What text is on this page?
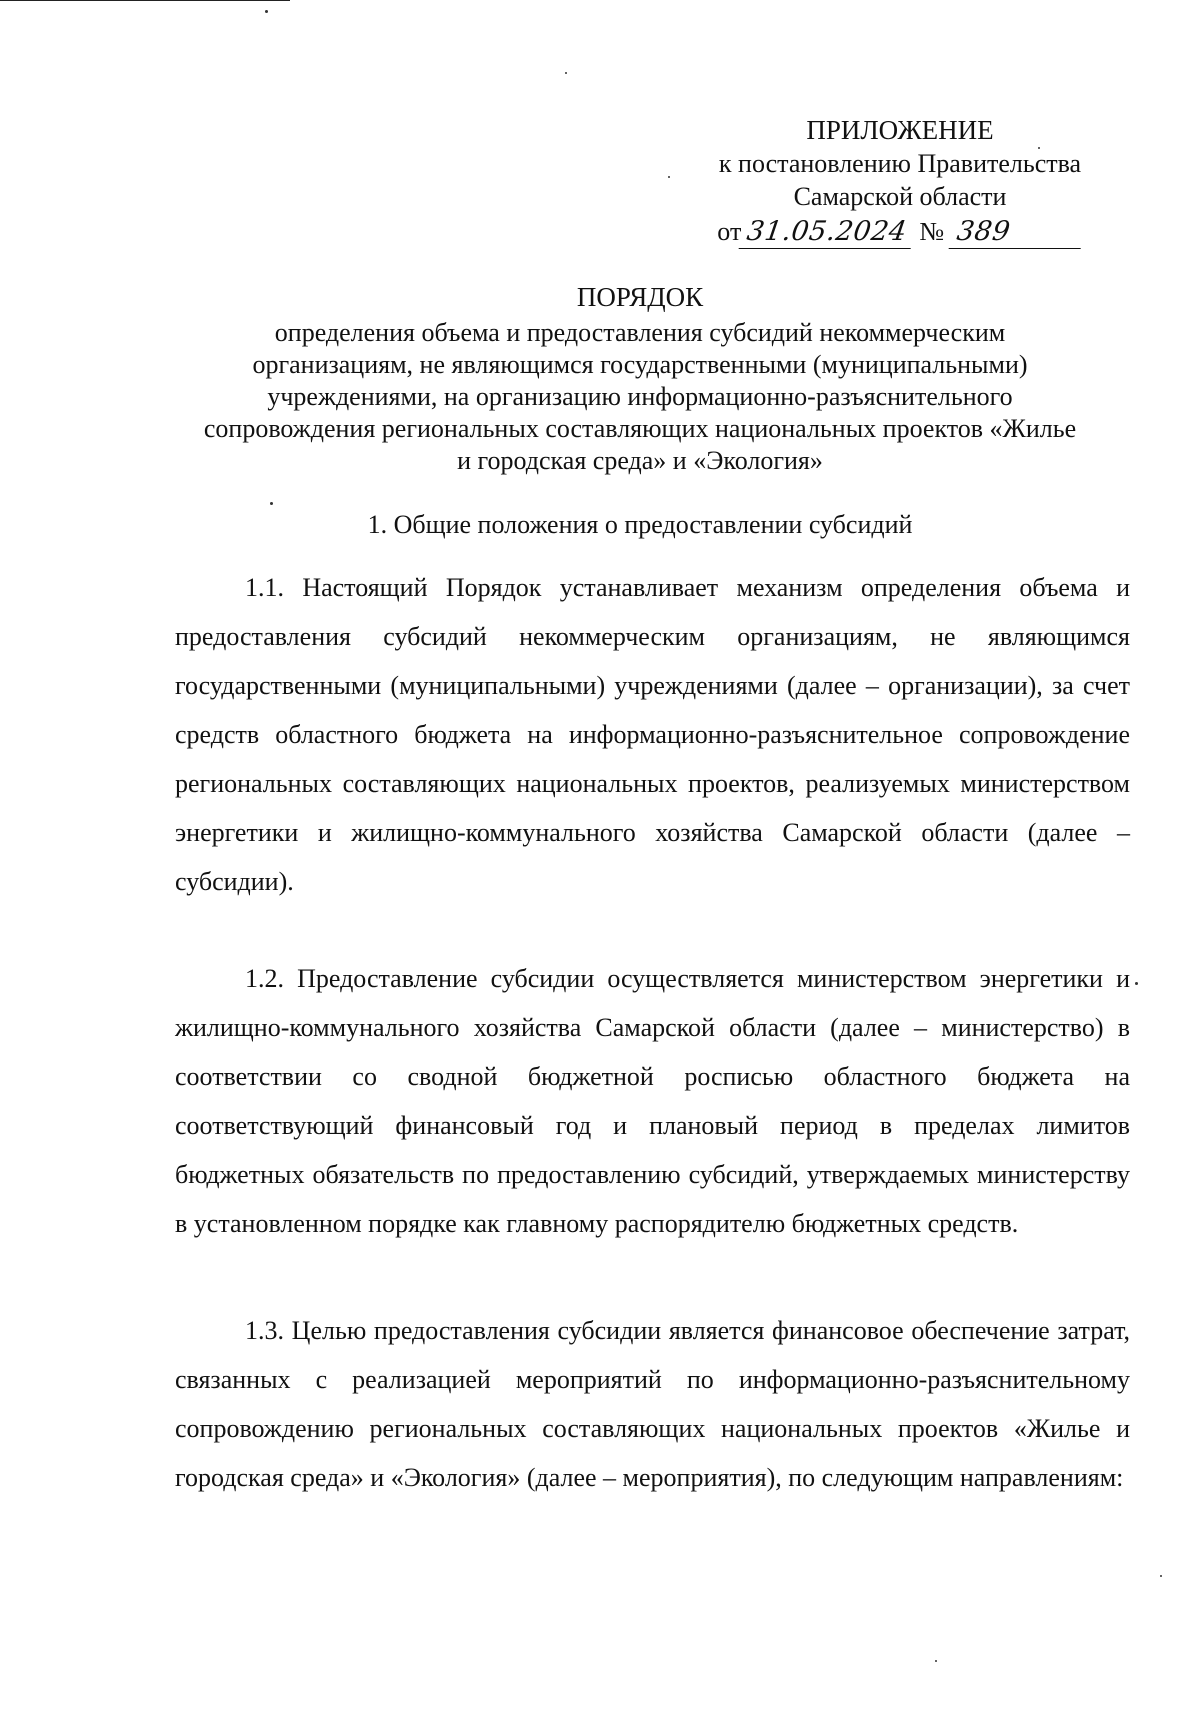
ПРИЛОЖЕНИЕ
к постановлению Правительства
Самарской области
от 31.05.2024 № 389
ПОРЯДОК
определения объема и предоставления субсидий некоммерческим организациям, не являющимся государственными (муниципальными) учреждениями, на организацию информационно-разъяснительного сопровождения региональных составляющих национальных проектов «Жилье и городская среда» и «Экология»
1. Общие положения о предоставлении субсидий

1.1. Настоящий Порядок устанавливает механизм определения объема и предоставления субсидий некоммерческим организациям, не являющимся государственными (муниципальными) учреждениями (далее – организации), за счет средств областного бюджета на информационно-разъяснительное сопровождение региональных составляющих национальных проектов, реализуемых министерством энергетики и жилищно-коммунального хозяйства Самарской области (далее – субсидии).

1.2. Предоставление субсидии осуществляется министерством энергетики и жилищно-коммунального хозяйства Самарской области (далее – министерство) в соответствии со сводной бюджетной росписью областного бюджета на соответствующий финансовый год и плановый период в пределах лимитов бюджетных обязательств по предоставлению субсидий, утверждаемых министерству в установленном порядке как главному распорядителю бюджетных средств.

1.3. Целью предоставления субсидии является финансовое обеспечение затрат, связанных с реализацией мероприятий по информационно-разъяснительному сопровождению региональных составляющих национальных проектов «Жилье и городская среда» и «Экология» (далее – мероприятия), по следующим направлениям:
